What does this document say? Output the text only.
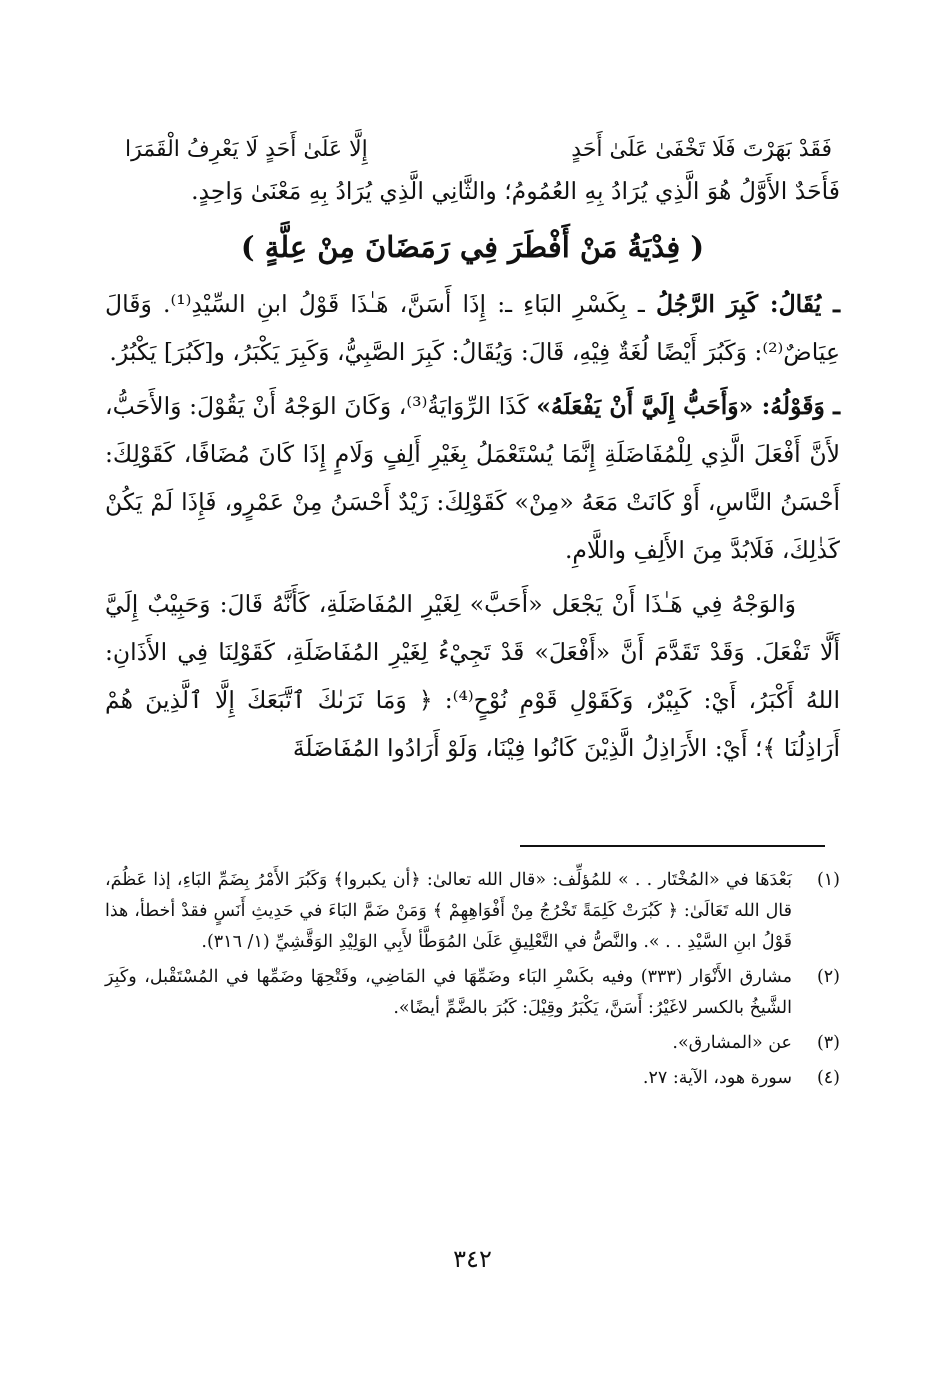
فَقَدْ بَهَرْتَ فَلَا تَخْفَىٰ عَلَىٰ أَحَدٍ
إِلَّا عَلَىٰ أَحَدٍ لَا يَعْرِفُ الْقَمَرَا

فَأَحَدٌ الأَوَّلُ هُوَ الَّذِي يُرَادُ بِهِ العُمُومُ؛ والثَّانِي الَّذِي يُرَادُ بِهِ مَعْنَىٰ وَاحِدٍ.

( فِدْيَةُ مَنْ أَفْطَرَ فِي رَمَضَانَ مِنْ عِلَّةٍ )

ـ يُقَالُ: كَبِرَ الرَّجُلُ ـ بِكَسْرِ البَاءِ ـ: إِذَا أَسَنَّ، هَـٰذَا قَوْلُ ابنِ السِّيْدِ⁽¹⁾. وَقَالَ عِيَاضٌ⁽²⁾: وَكَبُرَ أَيْضًا لُغَةٌ فِيْهِ، قَالَ: وَيُقَالُ: كَبِرَ الصَّبِيُّ، وَكَبِرَ يَكْبَرُ، و[كَبُرَ] يَكْبُرُ.

ـ وَقَوْلُهُ: «وَأَحَبُّ إِلَيَّ أَنْ يَفْعَلَهُ» كَذَا الرِّوَايَةُ⁽³⁾، وَكَانَ الوَجْهُ أَنْ يَقُوْلَ: وَالأَحَبُّ، لأَنَّ أَفْعَلَ الَّذِي لِلْمُفَاضَلَةِ إِنَّمَا يُسْتَعْمَلُ بِغَيْرِ أَلِفٍ وَلَامٍ إِذَا كَانَ مُضَافًا، كَقَوْلِكَ: أَحْسَنُ النَّاسِ، أَوْ كَانَتْ مَعَهُ «مِنْ» كَقَوْلِكَ: زَيْدٌ أَحْسَنُ مِنْ عَمْرٍو، فَإِذَا لَمْ يَكُنْ كَذٰلِكَ، فَلَابُدَّ مِنَ الأَلِفِ واللَّامِ.

وَالوَجْهُ فِي هَـٰذَا أَنْ يَجْعَل «أَحَبَّ» لِغَيْرِ المُفَاضَلَةِ، كَأَنَّهُ قَالَ: وَحَبِيْبٌ إِلَيَّ أَلَّا تَفْعَلَ. وَقَدْ تَقَدَّمَ أَنَّ «أَفْعَلَ» قَدْ تَجِيْءُ لِغَيْرِ المُفَاضَلَةِ، كَقَوْلِنَا فِي الأَذَانِ: اللهُ أَكْبَرُ، أَيْ: كَبِيْرٌ، وَكَقَوْلِ قَوْمِ نُوْحٍ⁽⁴⁾: ﴿ وَمَا نَرَىٰكَ ٱتَّبَعَكَ إِلَّا ٱلَّذِينَ هُمْ أَرَاذِلُنَا ﴾؛ أَيْ: الأَرَاذِلُ الَّذِيْنَ كَانُوا فِيْنَا، وَلَوْ أَرَادُوا المُفَاضَلَةَ

(١)
بَعْدَهَا في «المُخْتَار . . » للمُؤلِّف: «قال الله تعالىٰ: ﴿أن يكبروا﴾ وَكَبُرَ الأَمْرُ بِضَمِّ البَاءِ، إذا عَظُمَ، قال الله تَعَالَىٰ: ﴿ كَبُرَتْ كَلِمَةً تَخْرُجُ مِنْ أَفْوَاهِهِمْ ﴾ وَمَنْ ضَمَّ البَاءَ في حَدِيثِ أَنَسٍ فقدْ أخطأ، هذا قَوْلُ ابنِ السَّيْدِ . . ». والنَّصُّ في التَّعْلِيقِ عَلَىٰ المُوَطَّأ لأَبِي الوَلِيْدِ الوَقَّشِيِّ (١/ ٣١٦).
(٢)
مشارق الأَنْوَار (٣٣٣) وفيه بكَسْرِ البَاء وضَمِّهَا في المَاضِي، وفَتْحِهَا وضَمِّها في المُسْتَقْبل، وكَبِرَ الشَّيخُ بالكسر لاغَيْرُ: أَسَنَّ، يَكْبَرُ وقِيْلَ: كَبُرَ بالضَّمِّ أيضًا».
(٣)
عن «المشارق».
(٤)
سورة هود، الآية: ٢٧.
٣٤٢
